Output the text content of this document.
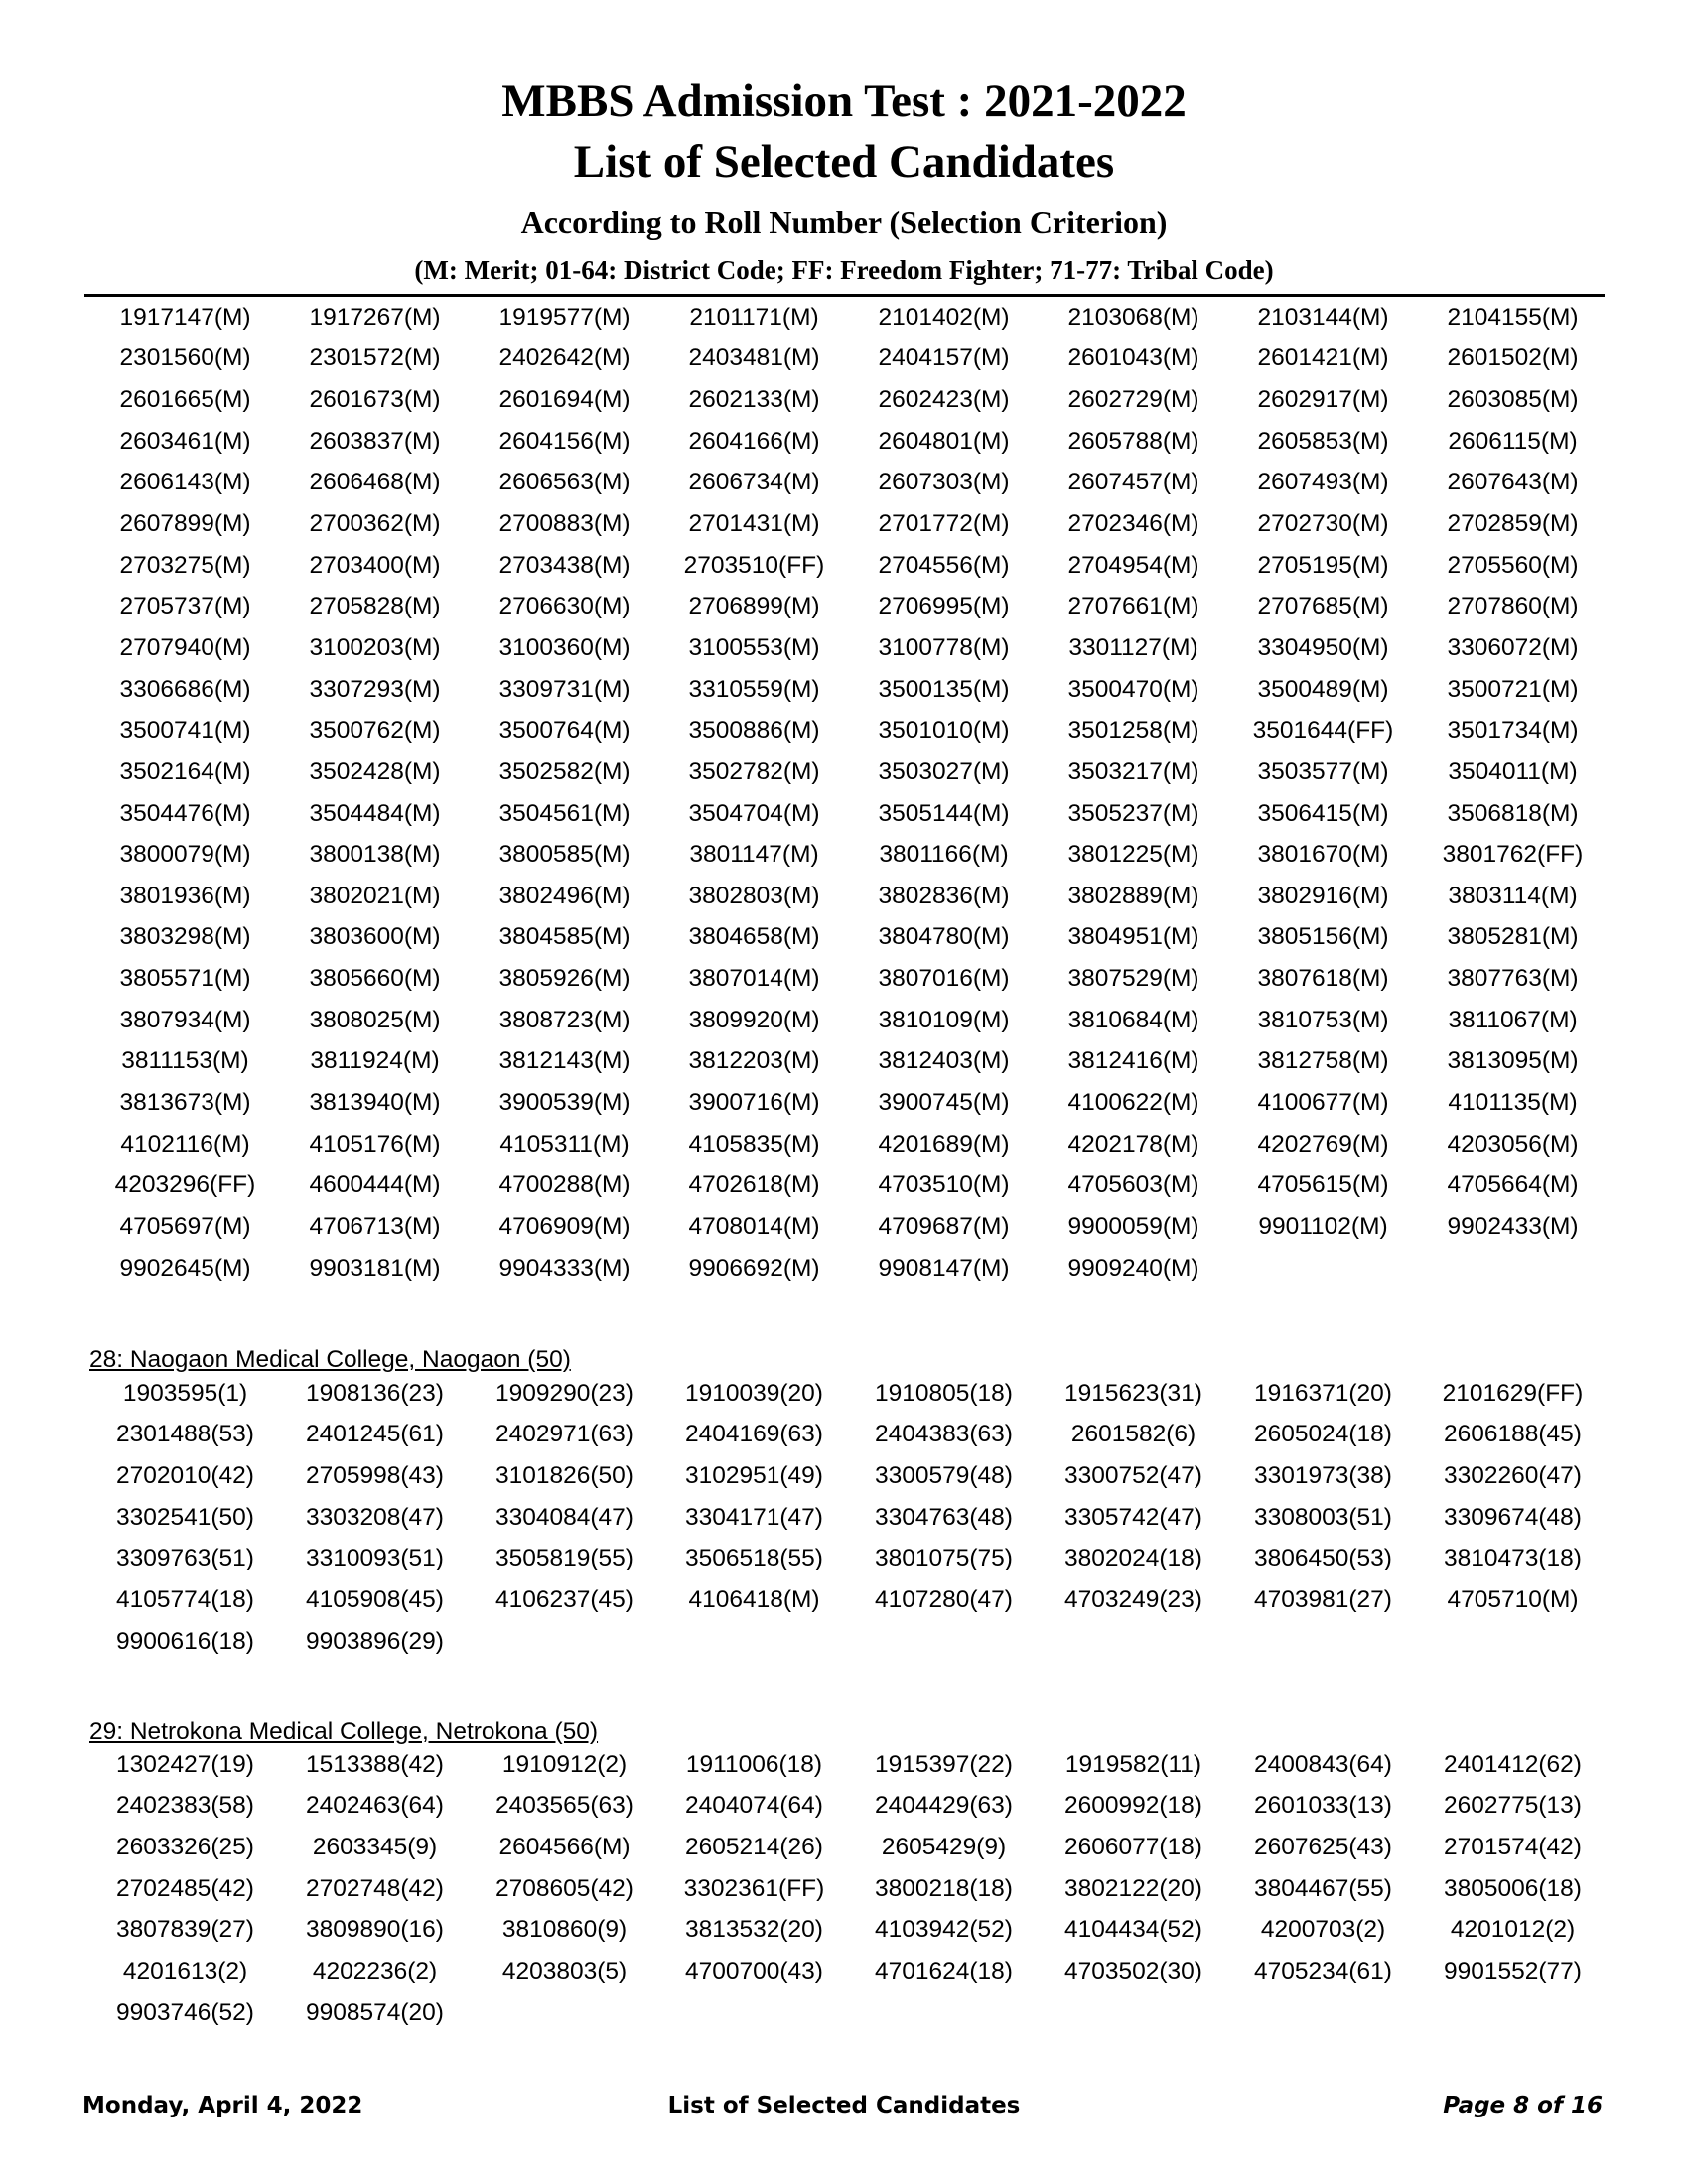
MBBS Admission Test : 2021-2022
List of Selected Candidates
According to Roll Number (Selection Criterion)
(M: Merit; 01-64: District Code; FF: Freedom Fighter; 71-77: Tribal Code)
1917147(M)	1917267(M)	1919577(M)	2101171(M)	2101402(M)	2103068(M)	2103144(M)	2104155(M)
2301560(M)	2301572(M)	2402642(M)	2403481(M)	2404157(M)	2601043(M)	2601421(M)	2601502(M)
2601665(M)	2601673(M)	2601694(M)	2602133(M)	2602423(M)	2602729(M)	2602917(M)	2603085(M)
2603461(M)	2603837(M)	2604156(M)	2604166(M)	2604801(M)	2605788(M)	2605853(M)	2606115(M)
2606143(M)	2606468(M)	2606563(M)	2606734(M)	2607303(M)	2607457(M)	2607493(M)	2607643(M)
2607899(M)	2700362(M)	2700883(M)	2701431(M)	2701772(M)	2702346(M)	2702730(M)	2702859(M)
2703275(M)	2703400(M)	2703438(M)	2703510(FF)	2704556(M)	2704954(M)	2705195(M)	2705560(M)
2705737(M)	2705828(M)	2706630(M)	2706899(M)	2706995(M)	2707661(M)	2707685(M)	2707860(M)
2707940(M)	3100203(M)	3100360(M)	3100553(M)	3100778(M)	3301127(M)	3304950(M)	3306072(M)
3306686(M)	3307293(M)	3309731(M)	3310559(M)	3500135(M)	3500470(M)	3500489(M)	3500721(M)
3500741(M)	3500762(M)	3500764(M)	3500886(M)	3501010(M)	3501258(M)	3501644(FF)	3501734(M)
3502164(M)	3502428(M)	3502582(M)	3502782(M)	3503027(M)	3503217(M)	3503577(M)	3504011(M)
3504476(M)	3504484(M)	3504561(M)	3504704(M)	3505144(M)	3505237(M)	3506415(M)	3506818(M)
3800079(M)	3800138(M)	3800585(M)	3801147(M)	3801166(M)	3801225(M)	3801670(M)	3801762(FF)
3801936(M)	3802021(M)	3802496(M)	3802803(M)	3802836(M)	3802889(M)	3802916(M)	3803114(M)
3803298(M)	3803600(M)	3804585(M)	3804658(M)	3804780(M)	3804951(M)	3805156(M)	3805281(M)
3805571(M)	3805660(M)	3805926(M)	3807014(M)	3807016(M)	3807529(M)	3807618(M)	3807763(M)
3807934(M)	3808025(M)	3808723(M)	3809920(M)	3810109(M)	3810684(M)	3810753(M)	3811067(M)
3811153(M)	3811924(M)	3812143(M)	3812203(M)	3812403(M)	3812416(M)	3812758(M)	3813095(M)
3813673(M)	3813940(M)	3900539(M)	3900716(M)	3900745(M)	4100622(M)	4100677(M)	4101135(M)
4102116(M)	4105176(M)	4105311(M)	4105835(M)	4201689(M)	4202178(M)	4202769(M)	4203056(M)
4203296(FF)	4600444(M)	4700288(M)	4702618(M)	4703510(M)	4705603(M)	4705615(M)	4705664(M)
4705697(M)	4706713(M)	4706909(M)	4708014(M)	4709687(M)	9900059(M)	9901102(M)	9902433(M)
9902645(M)	9903181(M)	9904333(M)	9906692(M)	9908147(M)	9909240(M)
28: Naogaon Medical College, Naogaon (50)
1903595(1)	1908136(23)	1909290(23)	1910039(20)	1910805(18)	1915623(31)	1916371(20)	2101629(FF)
2301488(53)	2401245(61)	2402971(63)	2404169(63)	2404383(63)	2601582(6)	2605024(18)	2606188(45)
2702010(42)	2705998(43)	3101826(50)	3102951(49)	3300579(48)	3300752(47)	3301973(38)	3302260(47)
3302541(50)	3303208(47)	3304084(47)	3304171(47)	3304763(48)	3305742(47)	3308003(51)	3309674(48)
3309763(51)	3310093(51)	3505819(55)	3506518(55)	3801075(75)	3802024(18)	3806450(53)	3810473(18)
4105774(18)	4105908(45)	4106237(45)	4106418(M)	4107280(47)	4703249(23)	4703981(27)	4705710(M)
9900616(18)	9903896(29)
29: Netrokona Medical College, Netrokona (50)
1302427(19)	1513388(42)	1910912(2)	1911006(18)	1915397(22)	1919582(11)	2400843(64)	2401412(62)
2402383(58)	2402463(64)	2403565(63)	2404074(64)	2404429(63)	2600992(18)	2601033(13)	2602775(13)
2603326(25)	2603345(9)	2604566(M)	2605214(26)	2605429(9)	2606077(18)	2607625(43)	2701574(42)
2702485(42)	2702748(42)	2708605(42)	3302361(FF)	3800218(18)	3802122(20)	3804467(55)	3805006(18)
3807839(27)	3809890(16)	3810860(9)	3813532(20)	4103942(52)	4104434(52)	4200703(2)	4201012(2)
4201613(2)	4202236(2)	4203803(5)	4700700(43)	4701624(18)	4703502(30)	4705234(61)	9901552(77)
9903746(52)	9908574(20)
Monday, April 4, 2022	List of Selected Candidates	Page 8 of 16
